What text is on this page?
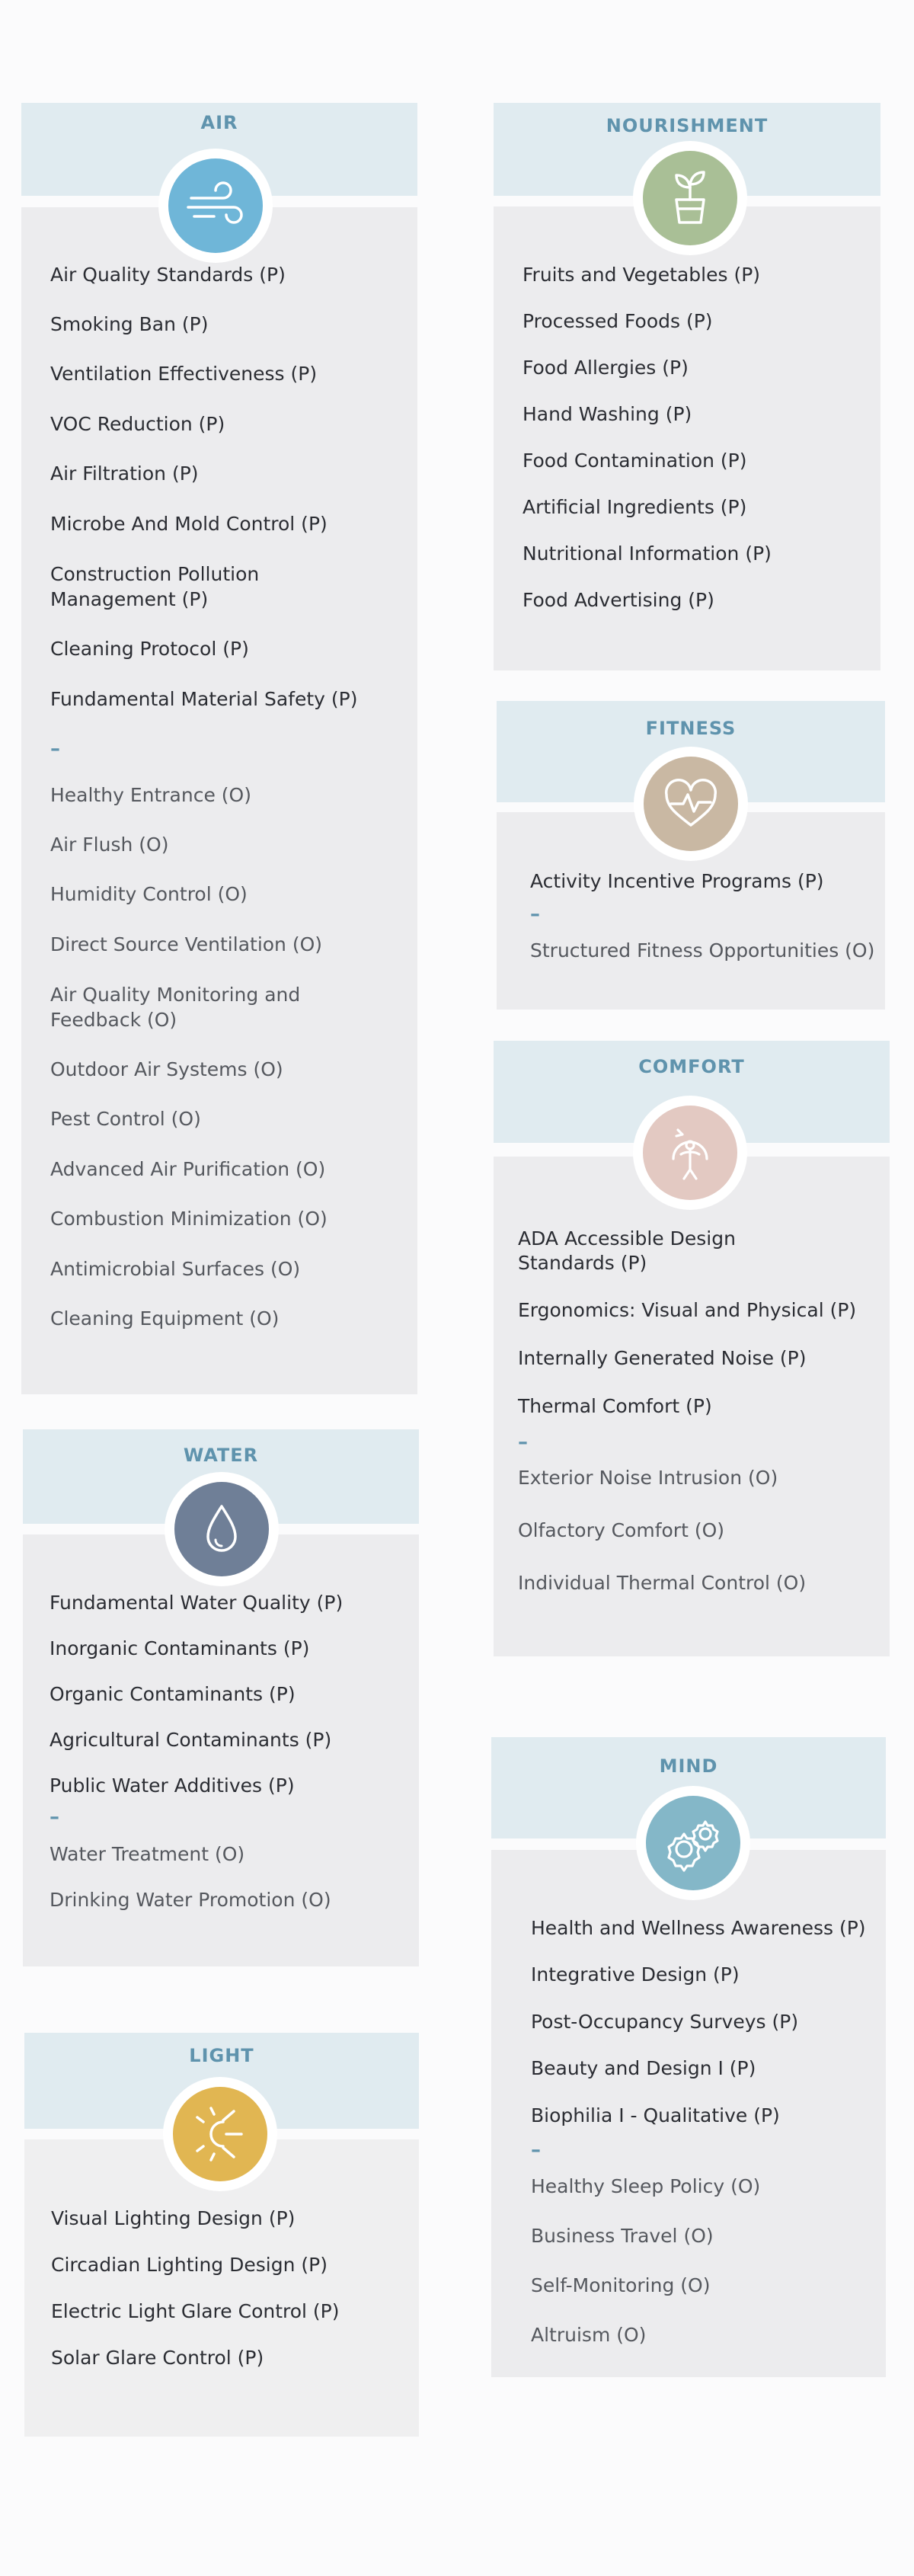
AIR
Air Quality Standards (P)
Smoking Ban (P)
Ventilation Effectiveness (P)
VOC Reduction (P)
Air Filtration (P)
Microbe And Mold Control (P)
Construction Pollution
Management (P)
Cleaning Protocol (P)
Fundamental Material Safety (P)
–
Healthy Entrance (O)
Air Flush (O)
Humidity Control (O)
Direct Source Ventilation (O)
Air Quality Monitoring and
Feedback (O)
Outdoor Air Systems (O)
Pest Control (O)
Advanced Air Purification (O)
Combustion Minimization (O)
Antimicrobial Surfaces (O)
Cleaning Equipment (O)
WATER
Fundamental Water Quality (P)
Inorganic Contaminants (P)
Organic Contaminants (P)
Agricultural Contaminants (P)
Public Water Additives (P)
–
Water Treatment (O)
Drinking Water Promotion (O)
LIGHT
Visual Lighting Design (P)
Circadian Lighting Design (P)
Electric Light Glare Control (P)
Solar Glare Control (P)
NOURISHMENT
Fruits and Vegetables (P)
Processed Foods (P)
Food Allergies (P)
Hand Washing (P)
Food Contamination (P)
Artificial Ingredients (P)
Nutritional Information (P)
Food Advertising (P)
FITNESS
Activity Incentive Programs (P)
–
Structured Fitness Opportunities (O)
COMFORT
ADA Accessible Design
Standards (P)
Ergonomics: Visual and Physical (P)
Internally Generated Noise (P)
Thermal Comfort (P)
–
Exterior Noise Intrusion (O)
Olfactory Comfort (O)
Individual Thermal Control (O)
MIND
Health and Wellness Awareness (P)
Integrative Design (P)
Post-Occupancy Surveys (P)
Beauty and Design I (P)
Biophilia I - Qualitative (P)
–
Healthy Sleep Policy (O)
Business Travel (O)
Self-Monitoring (O)
Altruism (O)
